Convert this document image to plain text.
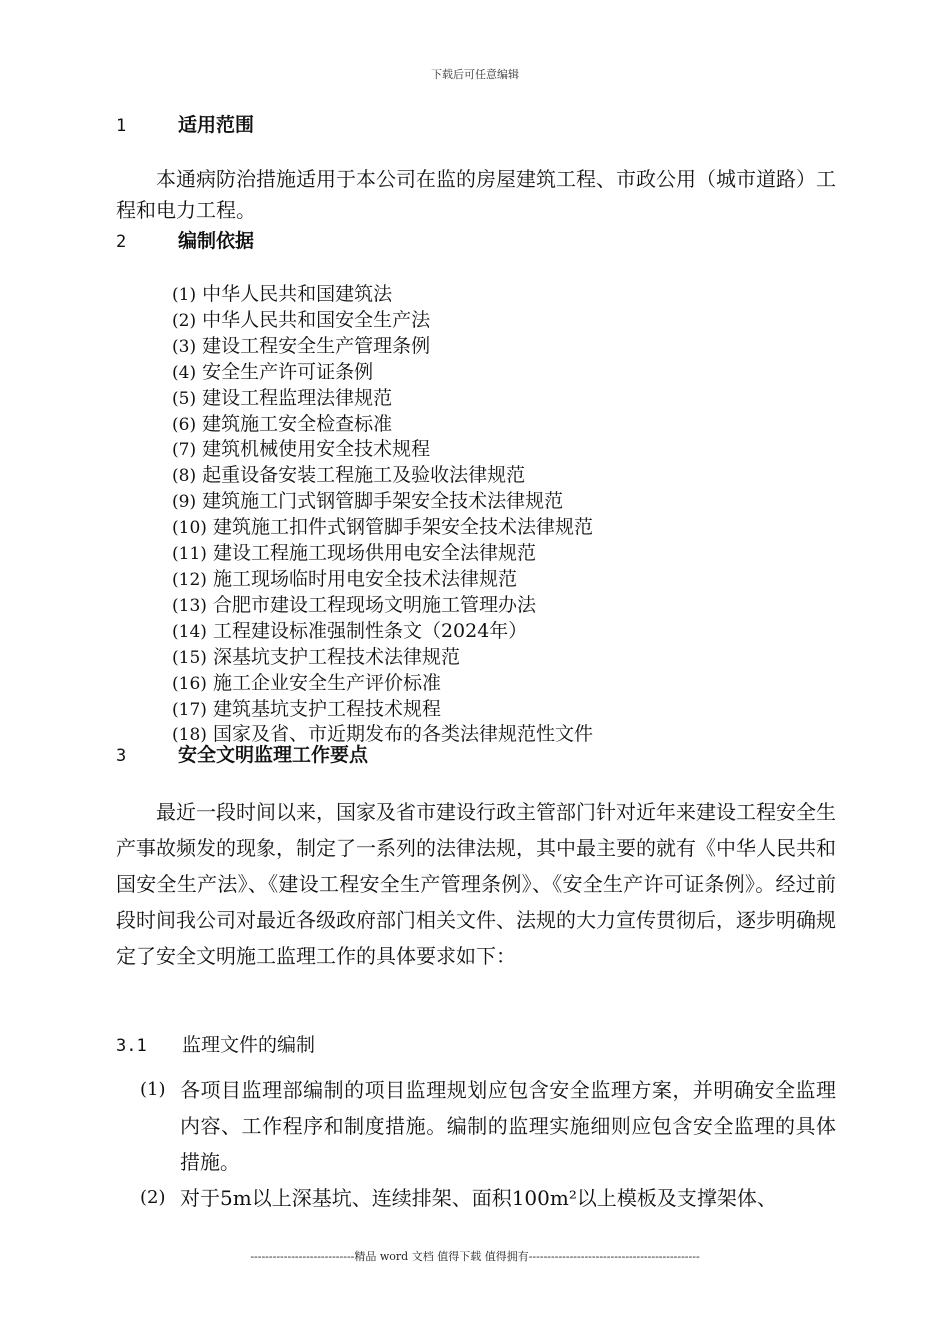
下载后可任意编辑
1	适用范围
本通病防治措施适用于本公司在监的房屋建筑工程、市政公用（城市道路）工程和电力工程。
2	编制依据
(1) 中华人民共和国建筑法
(2) 中华人民共和国安全生产法
(3) 建设工程安全生产管理条例
(4) 安全生产许可证条例
(5) 建设工程监理法律规范
(6) 建筑施工安全检查标准
(7) 建筑机械使用安全技术规程
(8) 起重设备安装工程施工及验收法律规范
(9) 建筑施工门式钢管脚手架安全技术法律规范
(10) 建筑施工扣件式钢管脚手架安全技术法律规范
(11) 建设工程施工现场供用电安全法律规范
(12) 施工现场临时用电安全技术法律规范
(13) 合肥市建设工程现场文明施工管理办法
(14) 工程建设标准强制性条文（2024年）
(15) 深基坑支护工程技术法律规范
(16) 施工企业安全生产评价标准
(17) 建筑基坑支护工程技术规程
(18) 国家及省、市近期发布的各类法律规范性文件
3	安全文明监理工作要点
最近一段时间以来，国家及省市建设行政主管部门针对近年来建设工程安全生产事故频发的现象，制定了一系列的法律法规，其中最主要的就有《中华人民共和国安全生产法》、《建设工程安全生产管理条例》、《安全生产许可证条例》。经过前段时间我公司对最近各级政府部门相关文件、法规的大力宣传贯彻后，逐步明确规定了安全文明施工监理工作的具体要求如下：
3.1 监理文件的编制
(1) 各项目监理部编制的项目监理规划应包含安全监理方案，并明确安全监理内容、工作程序和制度措施。编制的监理实施细则应包含安全监理的具体措施。
(2) 对于5m以上深基坑、连续排架、面积100m²以上模板及支撑架体、
----------------------------精品 word 文档 值得下载 值得拥有----------------------------------------------
